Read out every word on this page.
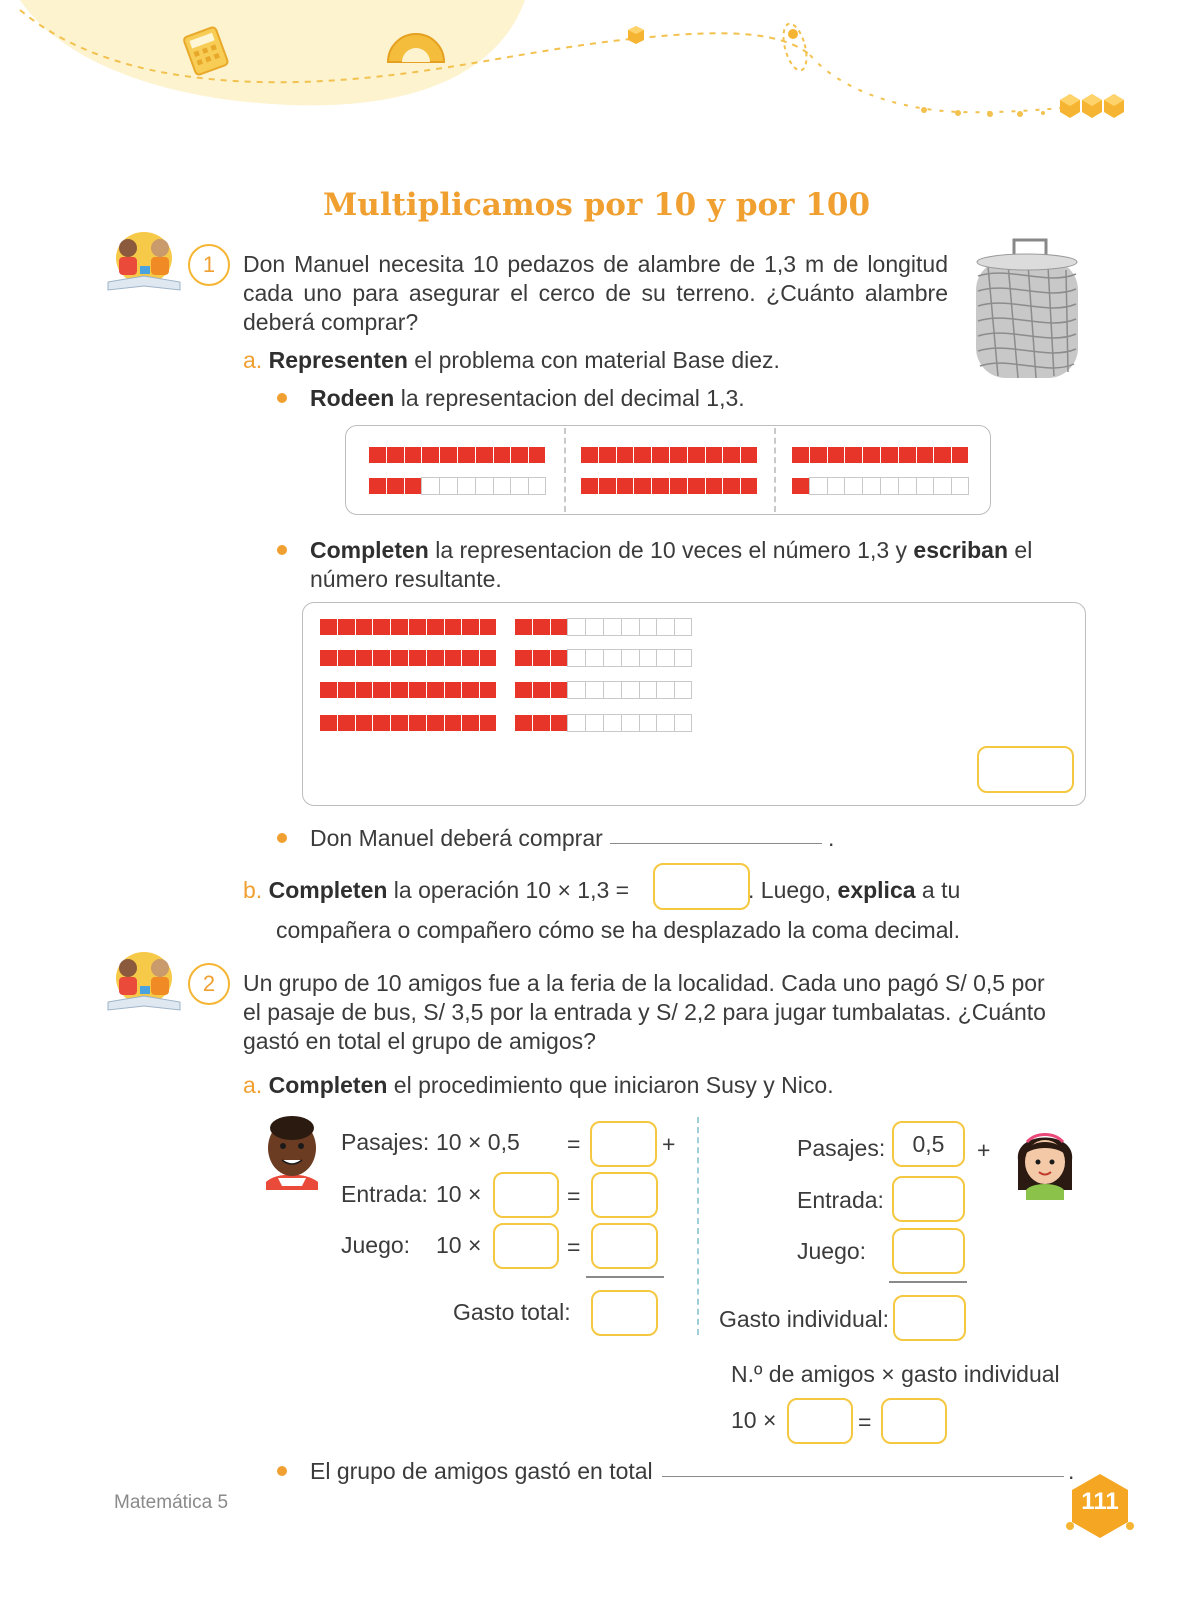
Multiplicamos por 10 y por 100
1	Don Manuel necesita 10 pedazos de alambre de 1,3 m de longitud
cada uno para asegurar el cerco de su terreno. ¿Cuánto alambre
deberá comprar?
a. Representen el problema con material Base diez.
Rodeen la representacion del decimal 1,3.
Completen la representacion de 10 veces el número 1,3 y escriban el
número resultante.
Don Manuel deberá comprar	.
b. Completen la operación 10 × 1,3 =	. Luego, explica a tu
compañera o compañero cómo se ha desplazado la coma decimal.
2	Un grupo de 10 amigos fue a la feria de la localidad. Cada uno pagó S/ 0,5 por
el pasaje de bus, S/ 3,5 por la entrada y S/ 2,2 para jugar tumbalatas. ¿Cuánto
gastó en total el grupo de amigos?
a. Completen el procedimiento que iniciaron Susy y Nico.
Pasajes: 10 × 0,5 =	+
Entrada: 10 ×	=
Juego: 10 ×	=
Gasto total:
Pasajes:	0,5	+
Entrada:
Juego:
Gasto individual:
N.º de amigos × gasto individual
10 ×	=
El grupo de amigos gastó en total	.
Matemática 5	111
